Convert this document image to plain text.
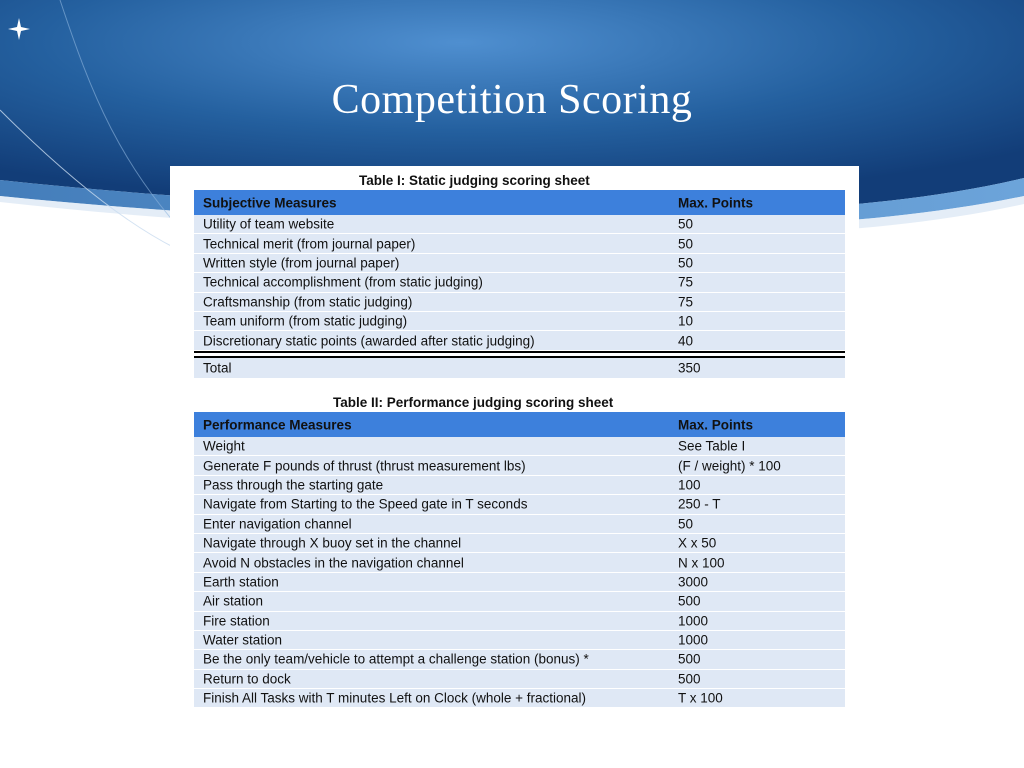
Competition Scoring
Table I: Static judging scoring sheet
Subjective Measures	Max. Points
Utility of team website	50
Technical merit (from journal paper)	50
Written style (from journal paper)	50
Technical accomplishment (from static judging)	75
Craftsmanship (from static judging)	75
Team uniform (from static judging)	10
Discretionary static points (awarded after static judging)	40
Total	350
Table II: Performance judging scoring sheet
Performance Measures	Max. Points
Weight	See Table I
Generate F pounds of thrust (thrust measurement lbs)	(F / weight) * 100
Pass through the starting gate	100
Navigate from Starting to the Speed gate in T seconds	250 - T
Enter navigation channel	50
Navigate through X buoy set in the channel	X x 50
Avoid N obstacles in the navigation channel	N x 100
Earth station	3000
Air station	500
Fire station	1000
Water station	1000
Be the only team/vehicle to attempt a challenge station (bonus) *	500
Return to dock	500
Finish All Tasks with T minutes Left on Clock (whole + fractional)	T x 100
